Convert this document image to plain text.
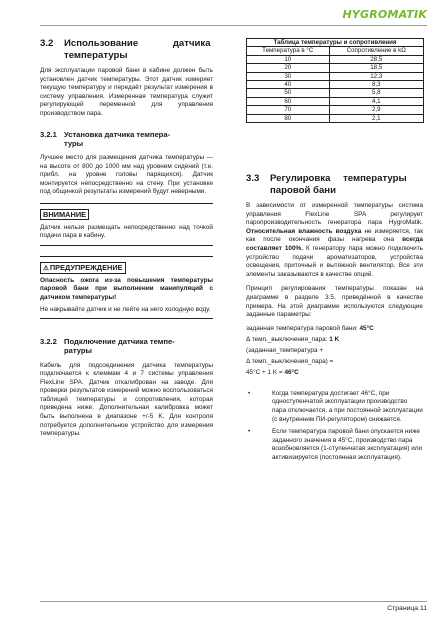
HYGROMATIK
3.2 Использование датчика
температуры

Для эксплуатации паровой бани в кабине должен быть установлен датчик температуры. Этот датчик измеряет текущую температуру и передаёт результат измерения в систему управления. Измеренная температура служит регулирующей переменной для управления производством пара.

3.2.1 Установка датчика темпера-
туры

Лучшее место для размещения датчика температуры — на высоте от 800 до 1000 мм над уровнем сидений (т.е. прибл. на уровне головы парящихся). Датчик монтируется непосредственно на стену. При установке под общинкой результаты измерений будут неверными.

ВНИМАНИЕ

Датчик нельзя размещать непосредственно над точкой подачи пара в кабину.

⚠ПРЕДУПРЕЖДЕНИЕ

Опасность ожога из-за повышения температуры паровой бани при выполнении манипуляций с датчиком температуры!

Не накрывайте датчик и не лейте на него холодную воду.

3.2.2 Подключение датчика темпе-
ратуры

Кабель для подсоединения датчика температуры подключается к клеммам 4 и 7 системы управления FlexLine SPA. Датчик откалиброван на заводе. Для проверки результатов измерений можно воспользоваться таблицей температуры и сопротивления, которая приведена ниже. Дополнительная калибровка может быть выполнена в диапазоне +/-5 K. Для контроля потребуется дополнительное устройство для измерения температуры.

Таблица температуры и сопротивления	
Температура в °C	Сопротивление в kΩ
10	28,5
20	18,5
30	12,3
40	8,3
50	5,8
60	4,1
70	2,9
80	2,1
3.3 Регулировка температуры
паровой бани

В зависимости от измеренной температуры система управления FlexLine SPA регулирует паропроизводительность генератора пара HygroMatik. Относительная влажность воздуха не измеряется, так как после окончания фазы нагрева она всегда составляет 100%. К генератору пара можно подключить устройство подачи ароматизаторов, устройства освещения, приточный и вытяжной вентилятор. Все эти элементы заказываются в качестве опций.

Принцип регулирования температуры показан на диаграмме в разделе 3.5, приведённой в качестве примера. На этой диаграмме используются следующие заданные параметры:

заданная температура паровой бани: 45°C
Δ темп._выключения_пара: 1 K
(заданная_температура +
Δ темп._выключения_пара) =
45°C + 1 K = 46°C
•	Когда температура достигает 46°C, при одноступенчатой эксплуатации производство пара отключается, а при постоянной эксплуатации (с внутренним ПИ-регулятором) снижается.
•	Если температура паровой бани опускается ниже заданного значения в 45°C, производство пара возобновляется (1-ступенчатая эксплуатация) или активизируется (постоянная эксплуатация).
Страница 11
